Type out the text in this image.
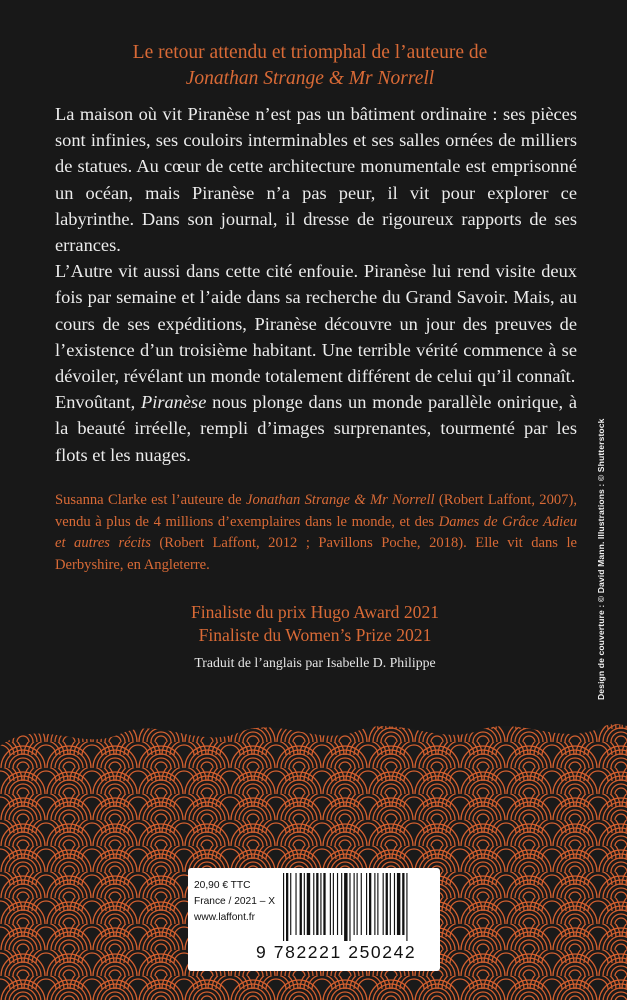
Le retour attendu et triomphal de l’auteure de
Jonathan Strange & Mr Norrell

La maison où vit Piranèse n’est pas un bâtiment ordinaire : ses pièces sont infinies, ses couloirs interminables et ses salles ornées de milliers de statues. Au cœur de cette architecture monumentale est emprisonné un océan, mais Piranèse n’a pas peur, il vit pour explorer ce labyrinthe. Dans son journal, il dresse de rigoureux rapports de ses errances.

L’Autre vit aussi dans cette cité enfouie. Piranèse lui rend visite deux fois par semaine et l’aide dans sa recherche du Grand Savoir. Mais, au cours de ses expéditions, Piranèse découvre un jour des preuves de l’existence d’un troisième habitant. Une terrible vérité commence à se dévoiler, révélant un monde totalement différent de celui qu’il connaît.

Envoûtant, Piranèse nous plonge dans un monde parallèle onirique, à la beauté irréelle, rempli d’images surprenantes, tourmenté par les flots et les nuages.

Susanna Clarke est l’auteure de Jonathan Strange & Mr Norrell (Robert Laffont, 2007), vendu à plus de 4 millions d’exemplaires dans le monde, et des Dames de Grâce Adieu et autres récits (Robert Laffont, 2012 ; Pavillons Poche, 2018). Elle vit dans le Derbyshire, en Angleterre.
Finaliste du prix Hugo Award 2021
Finaliste du Women’s Prize 2021
Traduit de l’anglais par Isabelle D. Philippe	Design de couverture : © David Mann. Illustrations : © Shutterstock
20,90 € TTC
France / 2021 – X
www.laffont.fr
9 782221 250242
